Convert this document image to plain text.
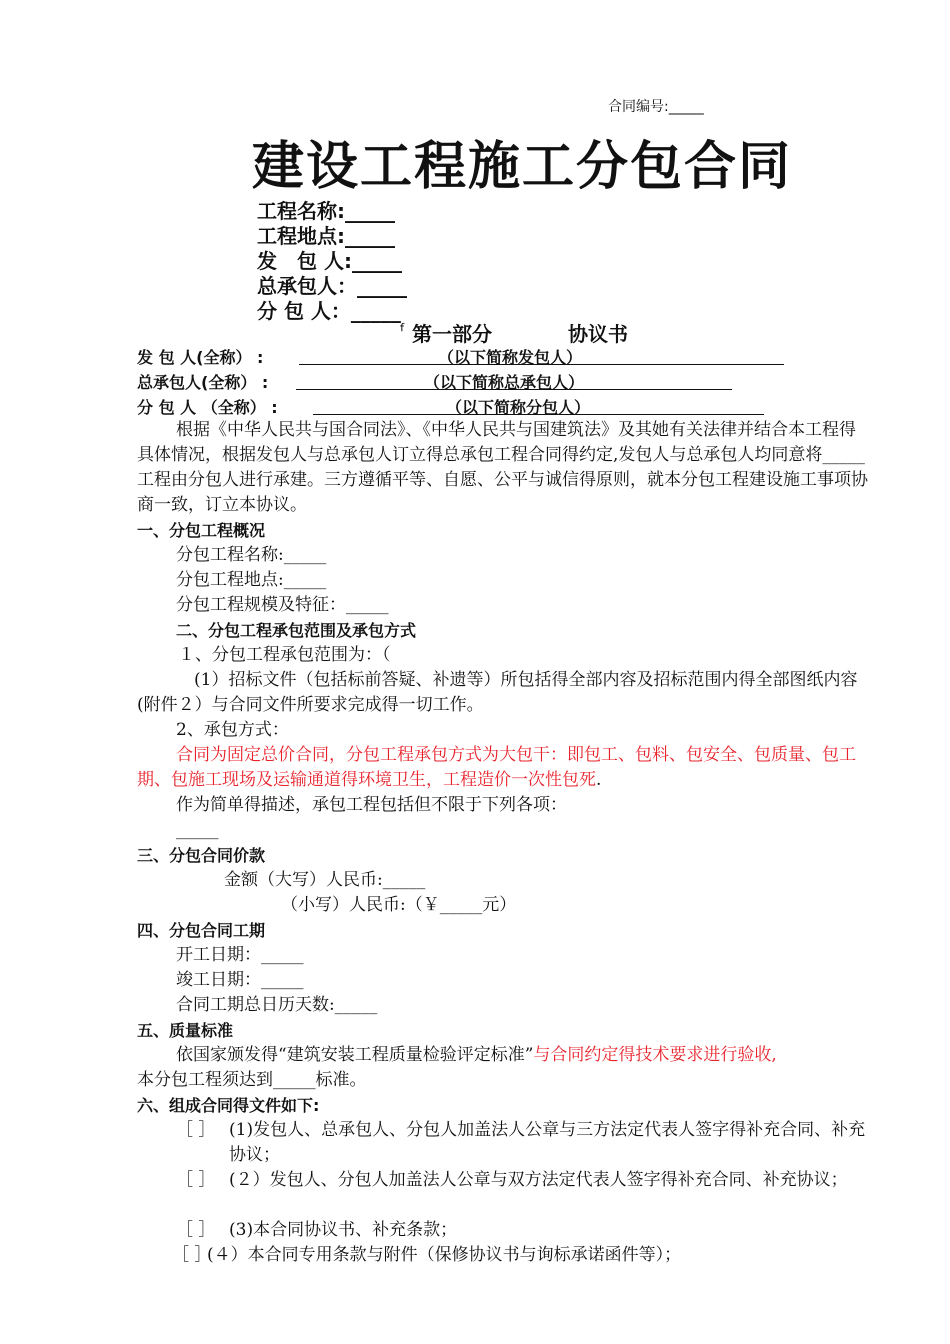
合同编号:_____
建设工程施工分包合同
工程名称:_____
工程地点:_____
发　包 人:_____
总承包人：_____
分 包 人：_____
ꬵ 第一部分	协议书
发 包 人(全称） :	（以下简称发包人）
总承包人(全称） :	（以下简称总承包人）
分 包 人 （全称） :	（以下简称分包人）
根据《中华人民共与国合同法》、《中华人民共与国建筑法》及其她有关法律并结合本工程得具体情况，根据发包人与总承包人订立得总承包工程合同得约定,发包人与总承包人均同意将_____工程由分包人进行承建。三方遵循平等、自愿、公平与诚信得原则，就本分包工程建设施工事项协商一致，订立本协议。
一、分包工程概况
分包工程名称:_____
分包工程地点:_____
分包工程规模及特征：_____
二、分包工程承包范围及承包方式
１、分包工程承包范围为：（
(1）招标文件（包括标前答疑、补遗等）所包括得全部内容及招标范围内得全部图纸内容(附件２）与合同文件所要求完成得一切工作。
2、承包方式：
合同为固定总价合同，分包工程承包方式为大包干：即包工、包料、包安全、包质量、包工期、包施工现场及运输通道得环境卫生，工程造价一次性包死.
作为简单得描述，承包工程包括但不限于下列各项：
_____
三、分包合同价款
金额（大写）人民币:_____
（小写）人民币:（￥_____元）
四、分包合同工期
开工日期：_____
竣工日期：_____
合同工期总日历天数:_____
五、质量标准
依国家颁发得“建筑安装工程质量检验评定标准”与合同约定得技术要求进行验收,
本分包工程须达到_____标准。
六、组成合同得文件如下:
［ ］ (1)发包人、总承包人、分包人加盖法人公章与三方法定代表人签字得补充合同、补充协议；
［ ］ (２）发包人、分包人加盖法人公章与双方法定代表人签字得补充合同、补充协议；
［ ］ (3)本合同协议书、补充条款；
［ ］
(４）本合同专用条款与附件（保修协议书与询标承诺函件等）；
